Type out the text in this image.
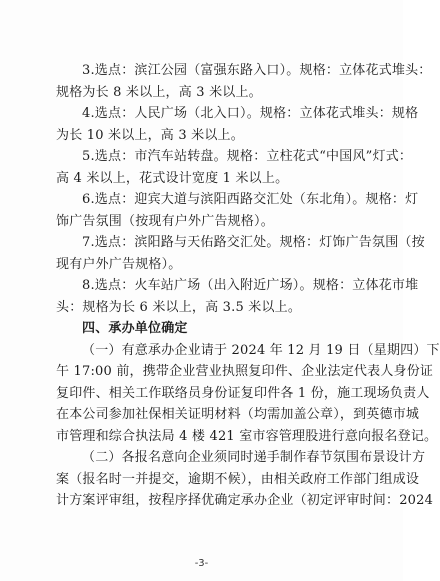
3.选点：滨江公园（富强东路入口）。规格：立体花式堆头：
规格为长 8 米以上，高 3 米以上。
4.选点：人民广场（北入口）。规格：立体花式堆头：规格
为长 10 米以上，高 3 米以上。
5.选点：市汽车站转盘。规格：立柱花式“中国风”灯式：
高 4 米以上，花式设计宽度 1 米以上。
6.选点：迎宾大道与滨阳西路交汇处（东北角）。规格：灯
饰广告氛围（按现有户外广告规格）。
7.选点：滨阳路与天佑路交汇处。规格：灯饰广告氛围（按
现有户外广告规格）。
8.选点：火车站广场（出入附近广场）。规格：立体花市堆
头：规格为长 6 米以上，高 3.5 米以上。
四、承办单位确定
（一）有意承办企业请于 2024 年 12 月 19 日（星期四）下
午 17:00 前，携带企业营业执照复印件、企业法定代表人身份证
复印件、相关工作联络员身份证复印件各 1 份，施工现场负责人
在本公司参加社保相关证明材料（均需加盖公章），到英德市城
市管理和综合执法局 4 楼 421 室市容管理股进行意向报名登记。
（二）各报名意向企业须同时递手制作春节氛围布景设计方
案（报名时一并提交，逾期不候），由相关政府工作部门组成设
计方案评审组，按程序择优确定承办企业（初定评审时间：2024
-3-
